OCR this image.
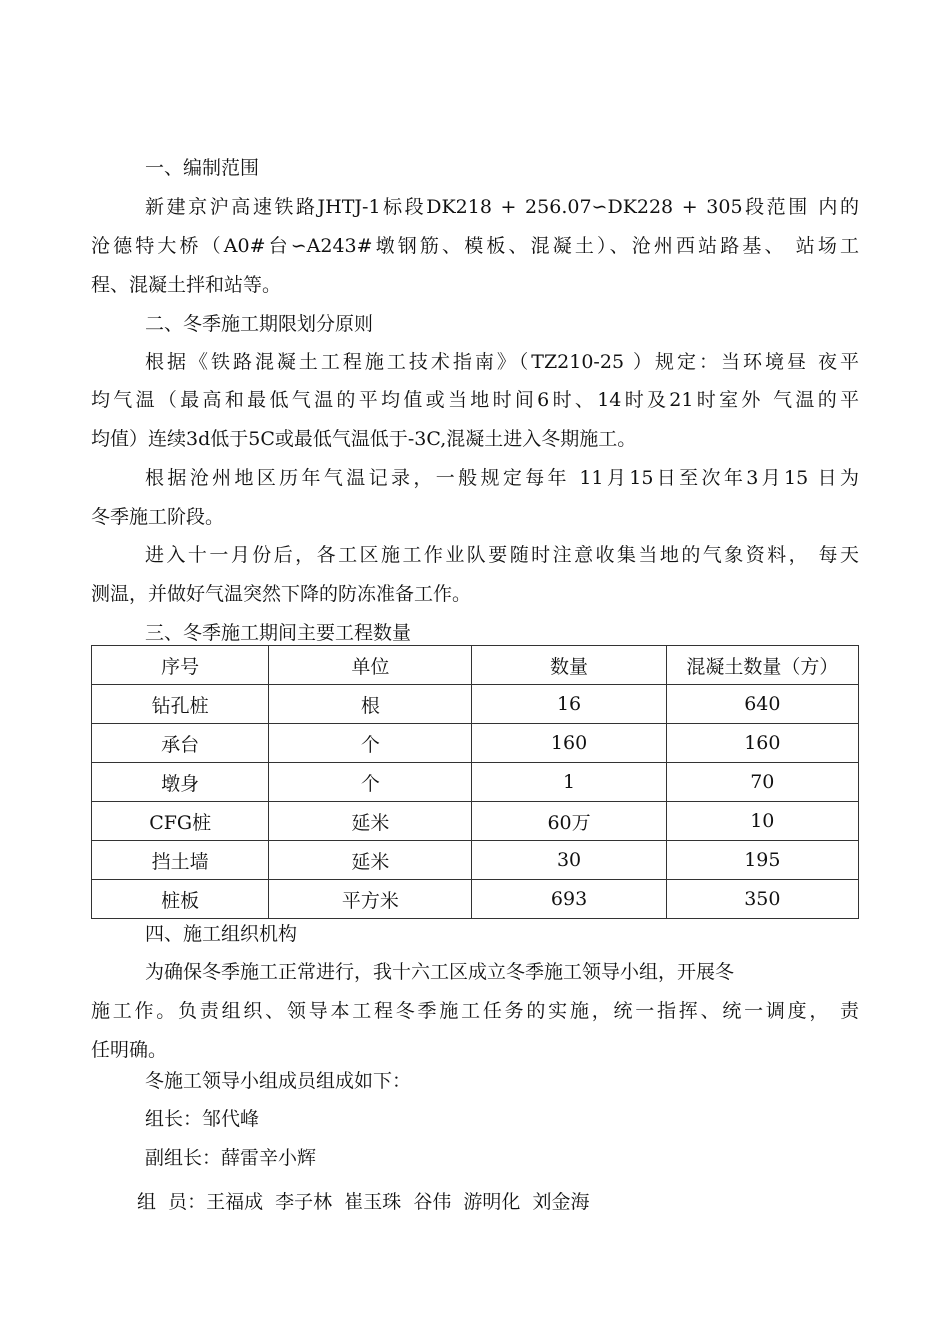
一、编制范围
新建京沪高速铁路JHTJ-1标段DK218 + 256.07∽DK228 + 305段范围 内的
沧德特大桥（A0#台∽A243#墩钢筋、模板、混凝土）、沧州西站路基、 站场工
程、混凝土拌和站等。
二、冬季施工期限划分原则
根据《铁路混凝土工程施工技术指南》（TZ210-25 ）规定：当环境昼 夜平
均气温（最高和最低气温的平均值或当地时间6时、14时及21时室外 气温的平
均值）连续3d低于5C或最低气温低于-3C,混凝土进入冬期施工。
根据沧州地区历年气温记录，一般规定每年 11月15日至次年3月15 日为
冬季施工阶段。
进入十一月份后，各工区施工作业队要随时注意收集当地的气象资料， 每天
测温，并做好气温突然下降的防冻准备工作。
三、冬季施工期间主要工程数量
序号	单位	数量	混凝土数量（方）
钻孔桩	根	16	640
承台	个	160	160
墩身	个	1	70
CFG桩	延米	60万	10
挡土墙	延米	30	195
桩板	平方米	693	350
四、施工组织机构
为确保冬季施工正常进行，我十六工区成立冬季施工领导小组，开展冬
施工作。负责组织、领导本工程冬季施工任务的实施，统一指挥、统一调度， 责
任明确。
冬施工领导小组成员组成如下：
组长：邹代峰
副组长：薛雷辛小辉
组  员：王福成  李子林  崔玉珠  谷伟  游明化  刘金海
